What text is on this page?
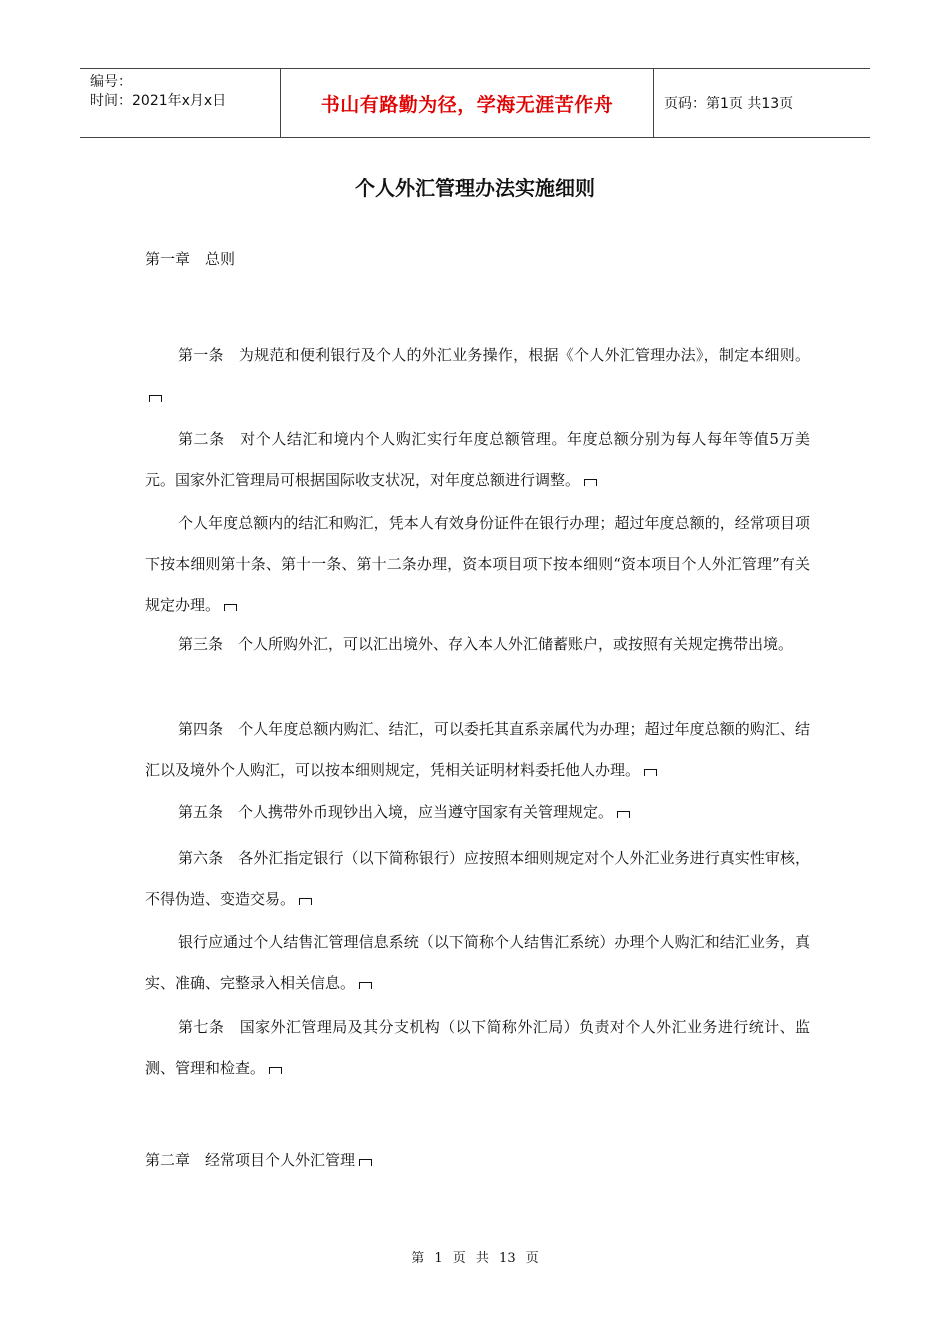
编号：
时间：2021年x月x日	书山有路勤为径，学海无涯苦作舟	页码：第1页 共13页
个人外汇管理办法实施细则
第一章　总则

第一条　为规范和便利银行及个人的外汇业务操作，根据《个人外汇管理办法》，制定本细则。

第二条　对个人结汇和境内个人购汇实行年度总额管理。年度总额分别为每人每年等值5万美元。国家外汇管理局可根据国际收支状况，对年度总额进行调整。

个人年度总额内的结汇和购汇，凭本人有效身份证件在银行办理；超过年度总额的，经常项目项下按本细则第十条、第十一条、第十二条办理，资本项目项下按本细则“资本项目个人外汇管理”有关规定办理。

第三条　个人所购外汇，可以汇出境外、存入本人外汇储蓄账户，或按照有关规定携带出境。

第四条　个人年度总额内购汇、结汇，可以委托其直系亲属代为办理；超过年度总额的购汇、结汇以及境外个人购汇，可以按本细则规定，凭相关证明材料委托他人办理。

第五条　个人携带外币现钞出入境，应当遵守国家有关管理规定。

第六条　各外汇指定银行（以下简称银行）应按照本细则规定对个人外汇业务进行真实性审核，不得伪造、变造交易。

银行应通过个人结售汇管理信息系统（以下简称个人结售汇系统）办理个人购汇和结汇业务，真实、准确、完整录入相关信息。

第七条　国家外汇管理局及其分支机构（以下简称外汇局）负责对个人外汇业务进行统计、监测、管理和检查。

第二章　经常项目个人外汇管理
第 1 页 共 13 页
